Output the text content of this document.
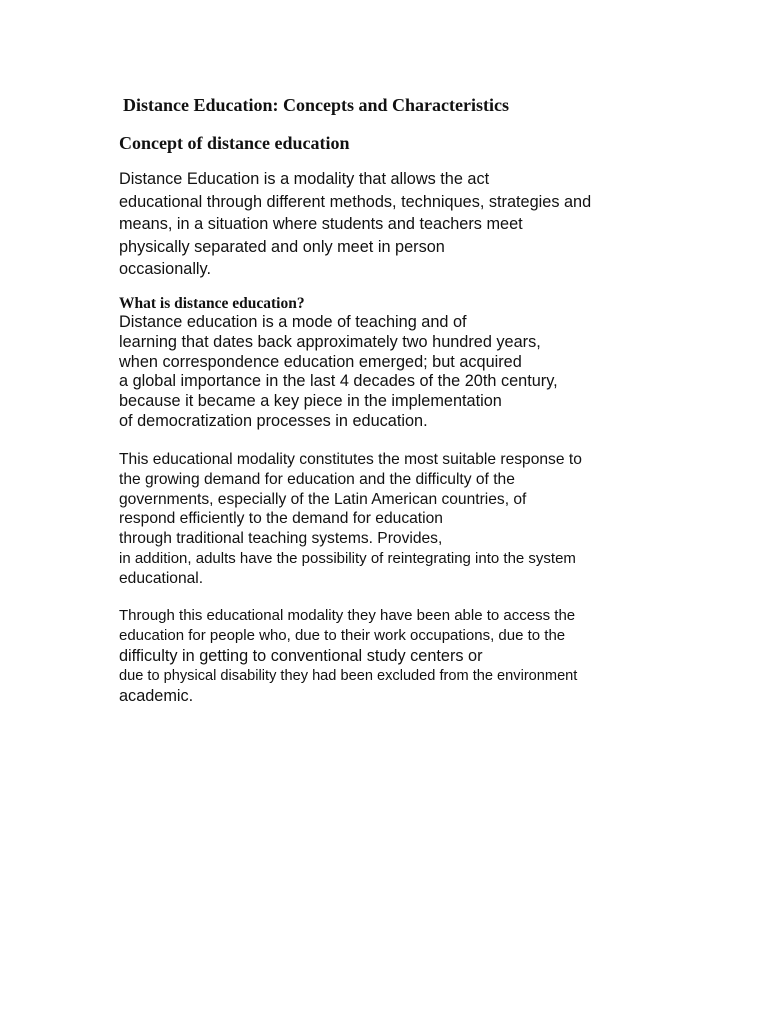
Distance Education: Concepts and Characteristics
Concept of distance education
Distance Education is a modality that allows the act
educational through different methods, techniques, strategies and
means, in a situation where students and teachers meet
physically separated and only meet in person
occasionally.
What is distance education?
Distance education is a mode of teaching and of
learning that dates back approximately two hundred years,
when correspondence education emerged; but acquired
a global importance in the last 4 decades of the 20th century,
because it became a key piece in the implementation
of democratization processes in education.
This educational modality constitutes the most suitable response to
the growing demand for education and the difficulty of the
governments, especially of the Latin American countries, of
respond efficiently to the demand for education
through traditional teaching systems. Provides,
in addition, adults have the possibility of reintegrating into the system
educational.
Through this educational modality they have been able to access the
education for people who, due to their work occupations, due to the
difficulty in getting to conventional study centers or
due to physical disability they had been excluded from the environment
academic.
